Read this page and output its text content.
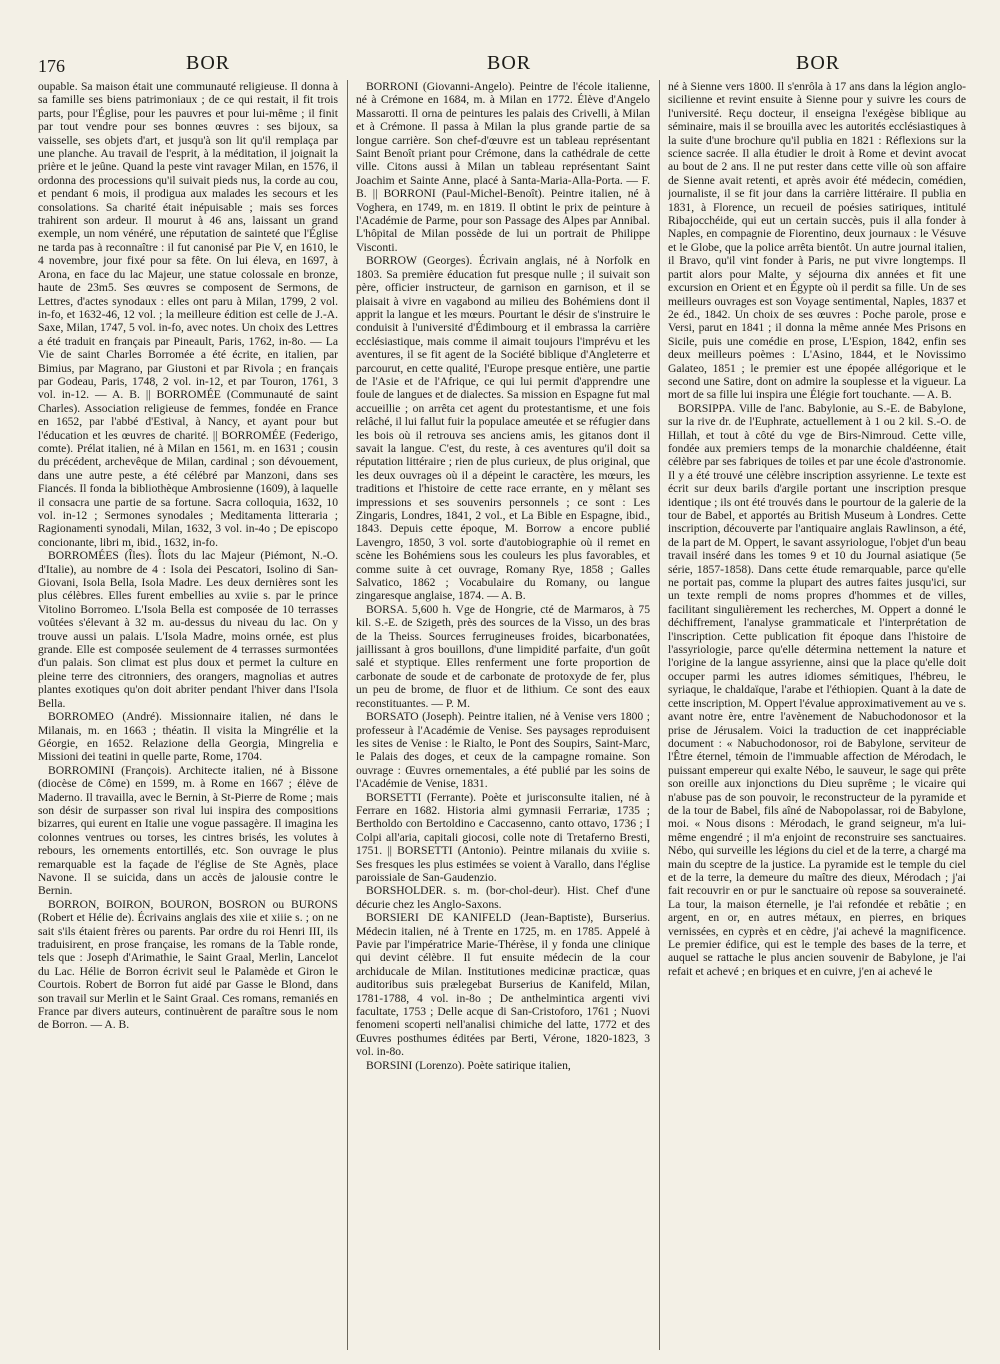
176	BOR	BOR	BOR

oupable. Sa maison était une communauté religieuse. Il donna à sa famille ses biens patrimoniaux ; de ce qui restait, il fit trois parts, pour l'Église, pour les pauvres et pour lui-même ; il finit par tout vendre pour ses bonnes œuvres : ses bijoux, sa vaisselle, ses objets d'art, et jusqu'à son lit qu'il remplaça par une planche. Au travail de l'esprit, à la méditation, il joignait la prière et le jeûne. Quand la peste vint ravager Milan, en 1576, il ordonna des processions qu'il suivait pieds nus, la corde au cou, et pendant 6 mois, il prodigua aux malades les secours et les consolations. Sa charité était inépuisable ; mais ses forces trahirent son ardeur. Il mourut à 46 ans, laissant un grand exemple, un nom vénéré, une réputation de sainteté que l'Église ne tarda pas à reconnaître : il fut canonisé par Pie V, en 1610, le 4 novembre, jour fixé pour sa fête. On lui éleva, en 1697, à Arona, en face du lac Majeur, une statue colossale en bronze, haute de 23m5. Ses œuvres se composent de Sermons, de Lettres, d'actes synodaux : elles ont paru à Milan, 1799, 2 vol. in-fo, et 1632-46, 12 vol. ; la meilleure édition est celle de J.-A. Saxe, Milan, 1747, 5 vol. in-fo, avec notes. Un choix des Lettres a été traduit en français par Pineault, Paris, 1762, in-8o. — La Vie de saint Charles Borromée a été écrite, en italien, par Bimius, par Magrano, par Giustoni et par Rivola ; en français par Godeau, Paris, 1748, 2 vol. in-12, et par Touron, 1761, 3 vol. in-12. — A. B. || BORROMÉE (Communauté de saint Charles). Association religieuse de femmes, fondée en France en 1652, par l'abbé d'Estival, à Nancy, et ayant pour but l'éducation et les œuvres de charité. || BORROMÉE (Federigo, comte). Prélat italien, né à Milan en 1561, m. en 1631 ; cousin du précédent, archevêque de Milan, cardinal ; son dévouement, dans une autre peste, a été célébré par Manzoni, dans ses Fiancés. Il fonda la bibliothèque Ambrosienne (1609), à laquelle il consacra une partie de sa fortune. Sacra colloquia, 1632, 10 vol. in-12 ; Sermones synodales ; Meditamenta litteraria ; Ragionamenti synodali, Milan, 1632, 3 vol. in-4o ; De episcopo concionante, libri m, ibid., 1632, in-fo.

BORROMÉES (Îles). Îlots du lac Majeur (Piémont, N.-O. d'Italie), au nombre de 4 : Isola dei Pescatori, Isolino di San-Giovani, Isola Bella, Isola Madre. Les deux dernières sont les plus célèbres. Elles furent embellies au xviie s. par le prince Vitolino Borromeo. L'Isola Bella est composée de 10 terrasses voûtées s'élevant à 32 m. au-dessus du niveau du lac. On y trouve aussi un palais. L'Isola Madre, moins ornée, est plus grande. Elle est composée seulement de 4 terrasses surmontées d'un palais. Son climat est plus doux et permet la culture en pleine terre des citronniers, des orangers, magnolias et autres plantes exotiques qu'on doit abriter pendant l'hiver dans l'Isola Bella.

BORROMEO (André). Missionnaire italien, né dans le Milanais, m. en 1663 ; théatin. Il visita la Mingrélie et la Géorgie, en 1652. Relazione della Georgia, Mingrelia e Missioni dei teatini in quelle parte, Rome, 1704.

BORROMINI (François). Architecte italien, né à Bissone (diocèse de Côme) en 1599, m. à Rome en 1667 ; élève de Maderno. Il travailla, avec le Bernin, à St-Pierre de Rome ; mais son désir de surpasser son rival lui inspira des compositions bizarres, qui eurent en Italie une vogue passagère. Il imagina les colonnes ventrues ou torses, les cintres brisés, les volutes à rebours, les ornements entortillés, etc. Son ouvrage le plus remarquable est la façade de l'église de Ste Agnès, place Navone. Il se suicida, dans un accès de jalousie contre le Bernin.

BORRON, BOIRON, BOURON, BOSRON ou BURONS (Robert et Hélie de). Écrivains anglais des xiie et xiiie s. ; on ne sait s'ils étaient frères ou parents. Par ordre du roi Henri III, ils traduisirent, en prose française, les romans de la Table ronde, tels que : Joseph d'Arimathie, le Saint Graal, Merlin, Lancelot du Lac. Hélie de Borron écrivit seul le Palamède et Giron le Courtois. Robert de Borron fut aidé par Gasse le Blond, dans son travail sur Merlin et le Saint Graal. Ces romans, remaniés en France par divers auteurs, continuèrent de paraître sous le nom de Borron. — A. B.

BORRONI (Giovanni-Angelo). Peintre de l'école italienne, né à Crémone en 1684, m. à Milan en 1772. Élève d'Angelo Massarotti. Il orna de peintures les palais des Crivelli, à Milan et à Crémone. Il passa à Milan la plus grande partie de sa longue carrière. Son chef-d'œuvre est un tableau représentant Saint Benoît priant pour Crémone, dans la cathédrale de cette ville. Citons aussi à Milan un tableau représentant Saint Joachim et Sainte Anne, placé à Santa-Maria-Alla-Porta. — F. B. || BORRONI (Paul-Michel-Benoît). Peintre italien, né à Voghera, en 1749, m. en 1819. Il obtint le prix de peinture à l'Académie de Parme, pour son Passage des Alpes par Annibal. L'hôpital de Milan possède de lui un portrait de Philippe Visconti.

BORROW (Georges). Écrivain anglais, né à Norfolk en 1803. Sa première éducation fut presque nulle ; il suivait son père, officier instructeur, de garnison en garnison, et il se plaisait à vivre en vagabond au milieu des Bohémiens dont il apprit la langue et les mœurs. Pourtant le désir de s'instruire le conduisit à l'université d'Édimbourg et il embrassa la carrière ecclésiastique, mais comme il aimait toujours l'imprévu et les aventures, il se fit agent de la Société biblique d'Angleterre et parcourut, en cette qualité, l'Europe presque entière, une partie de l'Asie et de l'Afrique, ce qui lui permit d'apprendre une foule de langues et de dialectes. Sa mission en Espagne fut mal accueillie ; on arrêta cet agent du protestantisme, et une fois relâché, il lui fallut fuir la populace ameutée et se réfugier dans les bois où il retrouva ses anciens amis, les gitanos dont il savait la langue. C'est, du reste, à ces aventures qu'il doit sa réputation littéraire ; rien de plus curieux, de plus original, que les deux ouvrages où il a dépeint le caractère, les mœurs, les traditions et l'histoire de cette race errante, en y mêlant ses impressions et ses souvenirs personnels ; ce sont : Les Zingaris, Londres, 1841, 2 vol., et La Bible en Espagne, ibid., 1843. Depuis cette époque, M. Borrow a encore publié Lavengro, 1850, 3 vol. sorte d'autobiographie où il remet en scène les Bohémiens sous les couleurs les plus favorables, et comme suite à cet ouvrage, Romany Rye, 1858 ; Galles Salvatico, 1862 ; Vocabulaire du Romany, ou langue zingaresque anglaise, 1874. — A. B.

BORSA. 5,600 h. Vge de Hongrie, cté de Marmaros, à 75 kil. S.-E. de Szigeth, près des sources de la Visso, un des bras de la Theiss. Sources ferrugineuses froides, bicarbonatées, jaillissant à gros bouillons, d'une limpidité parfaite, d'un goût salé et styptique. Elles renferment une forte proportion de carbonate de soude et de carbonate de protoxyde de fer, plus un peu de brome, de fluor et de lithium. Ce sont des eaux reconstituantes. — P. M.

BORSATO (Joseph). Peintre italien, né à Venise vers 1800 ; professeur à l'Académie de Venise. Ses paysages reproduisent les sites de Venise : le Rialto, le Pont des Soupirs, Saint-Marc, le Palais des doges, et ceux de la campagne romaine. Son ouvrage : Œuvres ornementales, a été publié par les soins de l'Académie de Venise, 1831.

BORSETTI (Ferrante). Poète et jurisconsulte italien, né à Ferrare en 1682. Historia almi gymnasii Ferrariæ, 1735 ; Bertholdo con Bertoldino e Caccasenno, canto ottavo, 1736 ; I Colpi all'aria, capitali giocosi, colle note di Tretaferno Bresti, 1751. || BORSETTI (Antonio). Peintre milanais du xviiie s. Ses fresques les plus estimées se voient à Varallo, dans l'église paroissiale de San-Gaudenzio.

BORSHOLDER. s. m. (bor-chol-deur). Hist. Chef d'une décurie chez les Anglo-Saxons.

BORSIERI DE KANIFELD (Jean-Baptiste), Burserius. Médecin italien, né à Trente en 1725, m. en 1785. Appelé à Pavie par l'impératrice Marie-Thérèse, il y fonda une clinique qui devint célèbre. Il fut ensuite médecin de la cour archiducale de Milan. Institutiones medicinæ practicæ, quas auditoribus suis prælegebat Burserius de Kanifeld, Milan, 1781-1788, 4 vol. in-8o ; De anthelmintica argenti vivi facultate, 1753 ; Delle acque di San-Cristoforo, 1761 ; Nuovi fenomeni scoperti nell'analisi chimiche del latte, 1772 et des Œuvres posthumes éditées par Berti, Vérone, 1820-1823, 3 vol. in-8o.

BORSINI (Lorenzo). Poète satirique italien,

né à Sienne vers 1800. Il s'enrôla à 17 ans dans la légion anglo-sicilienne et revint ensuite à Sienne pour y suivre les cours de l'université. Reçu docteur, il enseigna l'exégèse biblique au séminaire, mais il se brouilla avec les autorités ecclésiastiques à la suite d'une brochure qu'il publia en 1821 : Réflexions sur la science sacrée. Il alla étudier le droit à Rome et devint avocat au bout de 2 ans. Il ne put rester dans cette ville où son affaire de Sienne avait retenti, et après avoir été médecin, comédien, journaliste, il se fit jour dans la carrière littéraire. Il publia en 1831, à Florence, un recueil de poésies satiriques, intitulé Ribajocchéide, qui eut un certain succès, puis il alla fonder à Naples, en compagnie de Fiorentino, deux journaux : le Vésuve et le Globe, que la police arrêta bientôt. Un autre journal italien, il Bravo, qu'il vint fonder à Paris, ne put vivre longtemps. Il partit alors pour Malte, y séjourna dix années et fit une excursion en Orient et en Égypte où il perdit sa fille. Un de ses meilleurs ouvrages est son Voyage sentimental, Naples, 1837 et 2e éd., 1842. Un choix de ses œuvres : Poche parole, prose e Versi, parut en 1841 ; il donna la même année Mes Prisons en Sicile, puis une comédie en prose, L'Espion, 1842, enfin ses deux meilleurs poèmes : L'Asino, 1844, et le Novissimo Galateo, 1851 ; le premier est une épopée allégorique et le second une Satire, dont on admire la souplesse et la vigueur. La mort de sa fille lui inspira une Élégie fort touchante. — A. B.

BORSIPPA. Ville de l'anc. Babylonie, au S.-E. de Babylone, sur la rive dr. de l'Euphrate, actuellement à 1 ou 2 kil. S.-O. de Hillah, et tout à côté du vge de Birs-Nimroud. Cette ville, fondée aux premiers temps de la monarchie chaldéenne, était célèbre par ses fabriques de toiles et par une école d'astronomie. Il y a été trouvé une célèbre inscription assyrienne. Le texte est écrit sur deux barils d'argile portant une inscription presque identique ; ils ont été trouvés dans le pourtour de la galerie de la tour de Babel, et apportés au British Museum à Londres. Cette inscription, découverte par l'antiquaire anglais Rawlinson, a été, de la part de M. Oppert, le savant assyriologue, l'objet d'un beau travail inséré dans les tomes 9 et 10 du Journal asiatique (5e série, 1857-1858). Dans cette étude remarquable, parce qu'elle ne portait pas, comme la plupart des autres faites jusqu'ici, sur un texte rempli de noms propres d'hommes et de villes, facilitant singulièrement les recherches, M. Oppert a donné le déchiffrement, l'analyse grammaticale et l'interprétation de l'inscription. Cette publication fit époque dans l'histoire de l'assyriologie, parce qu'elle détermina nettement la nature et l'origine de la langue assyrienne, ainsi que la place qu'elle doit occuper parmi les autres idiomes sémitiques, l'hébreu, le syriaque, le chaldaïque, l'arabe et l'éthiopien. Quant à la date de cette inscription, M. Oppert l'évalue approximativement au ve s. avant notre ère, entre l'avènement de Nabuchodonosor et la prise de Jérusalem. Voici la traduction de cet inappréciable document : « Nabuchodonosor, roi de Babylone, serviteur de l'Être éternel, témoin de l'immuable affection de Mérodach, le puissant empereur qui exalte Nébo, le sauveur, le sage qui prête son oreille aux injonctions du Dieu suprême ; le vicaire qui n'abuse pas de son pouvoir, le reconstructeur de la pyramide et de la tour de Babel, fils aîné de Nabopolassar, roi de Babylone, moi. « Nous disons : Mérodach, le grand seigneur, m'a lui-même engendré ; il m'a enjoint de reconstruire ses sanctuaires. Nébo, qui surveille les légions du ciel et de la terre, a chargé ma main du sceptre de la justice. La pyramide est le temple du ciel et de la terre, la demeure du maître des dieux, Mérodach ; j'ai fait recouvrir en or pur le sanctuaire où repose sa souveraineté. La tour, la maison éternelle, je l'ai refondée et rebâtie ; en argent, en or, en autres métaux, en pierres, en briques vernissées, en cyprès et en cèdre, j'ai achevé la magnificence. Le premier édifice, qui est le temple des bases de la terre, et auquel se rattache le plus ancien souvenir de Babylone, je l'ai refait et achevé ; en briques et en cuivre, j'en ai achevé le
